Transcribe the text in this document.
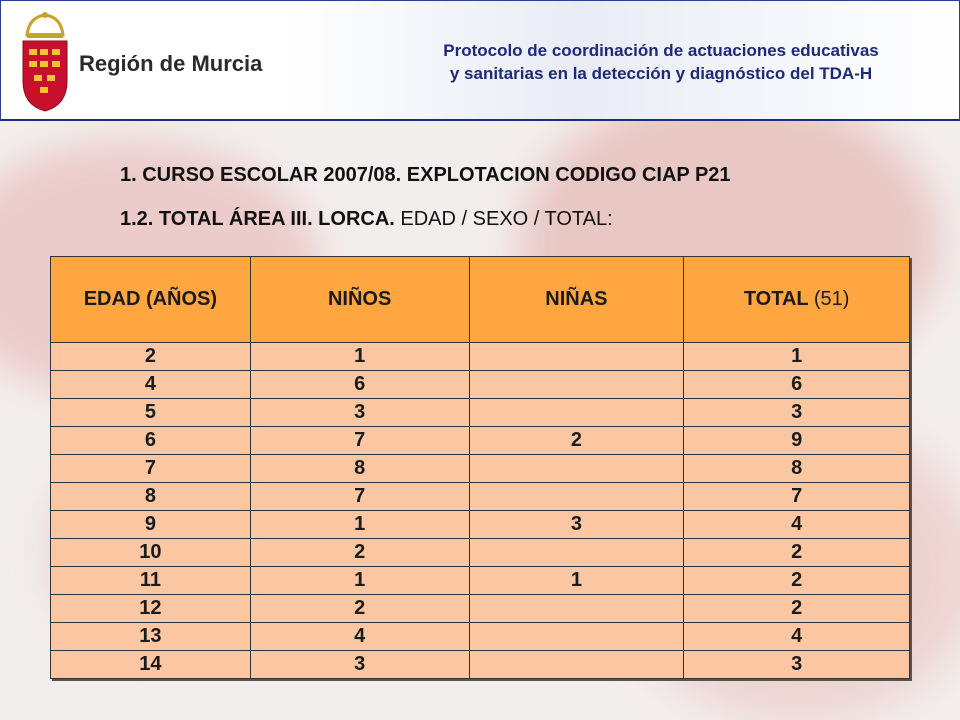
Región de Murcia
Protocolo de coordinación de actuaciones educativas
y sanitarias en la detección y diagnóstico del TDA-H
1. CURSO ESCOLAR 2007/08. EXPLOTACION CODIGO CIAP P21
1.2. TOTAL ÁREA III. LORCA. EDAD / SEXO / TOTAL:
EDAD (AÑOS)	NIÑOS	NIÑAS	TOTAL (51)
2	1		1
4	6		6
5	3		3
6	7	2	9
7	8		8
8	7		7
9	1	3	4
10	2		2
11	1	1	2
12	2		2
13	4		4
14	3		3
